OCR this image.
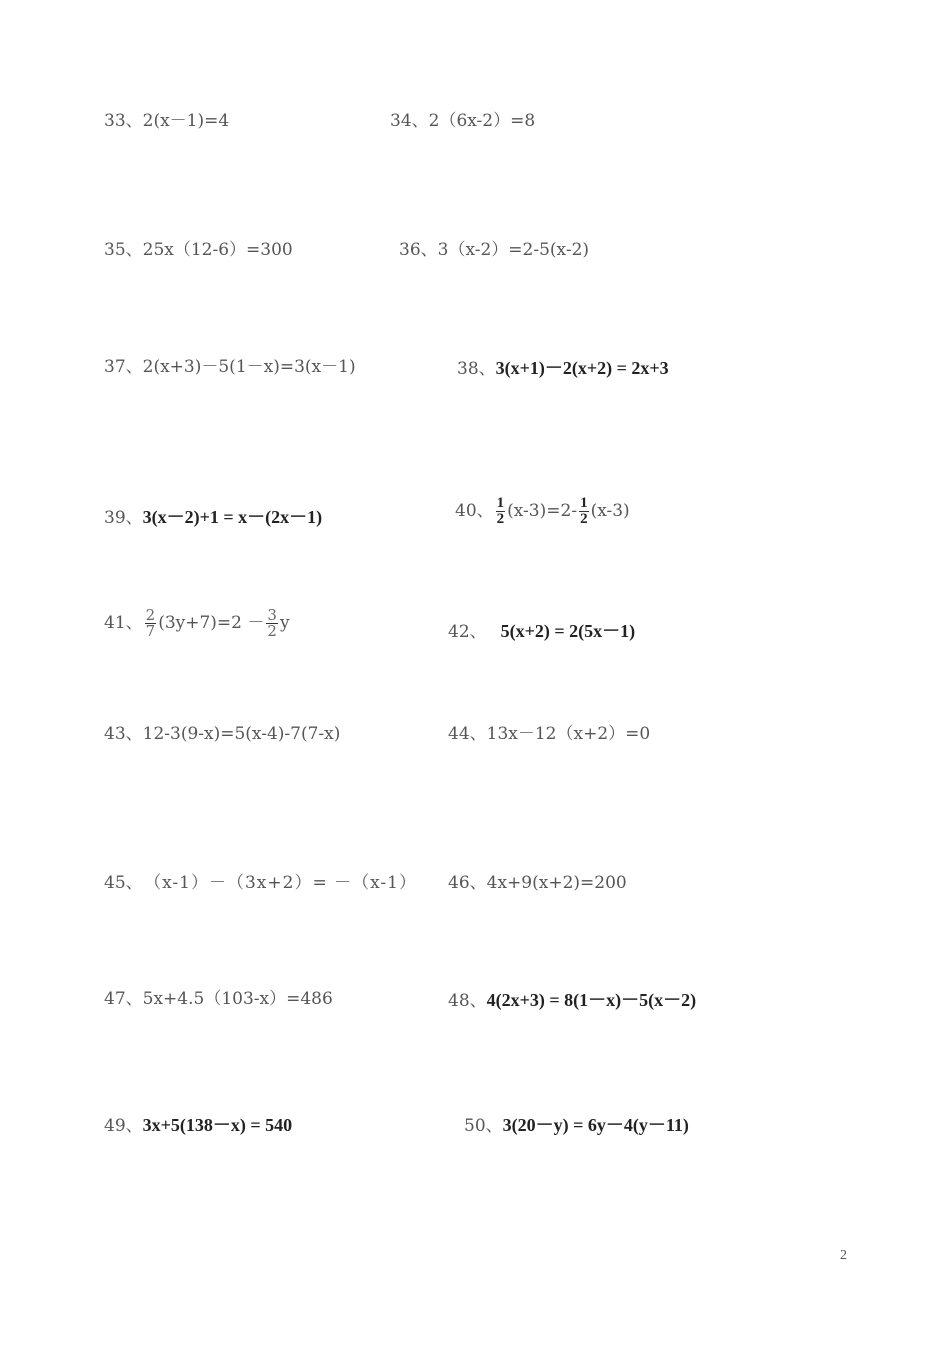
33、2(x－1)=4	34、2（6x-2）=8
35、25x（12-6）=300	36、3（x-2）=2-5(x-2)
37、2(x+3)－5(1－x)=3(x－1)	38、3(x+1)－2(x+2) = 2x+3
39、3(x－2)+1 = x－(2x－1)	40、 $\frac{1}{2} (x-3)=2- \frac{1}{2} (x-3)$
41、 $\frac{2}{7} (3y+7)=2 - \frac{3}{2}$ y	42、 5(x+2) = 2(5x－1)
43、12-3(9-x)=5(x-4)-7(7-x)	44、13x－12（x+2）=0
45、 （x-1）－（3x+2）= －（x-1） 46、4x+9(x+2)=200
47、5x+4.5（103-x）=486	48、4(2x+3) = 8(1－x)－5(x－2)
49、3x+5(138－x) = 540	50、3(20－y) = 6y－4(y－11)
2
